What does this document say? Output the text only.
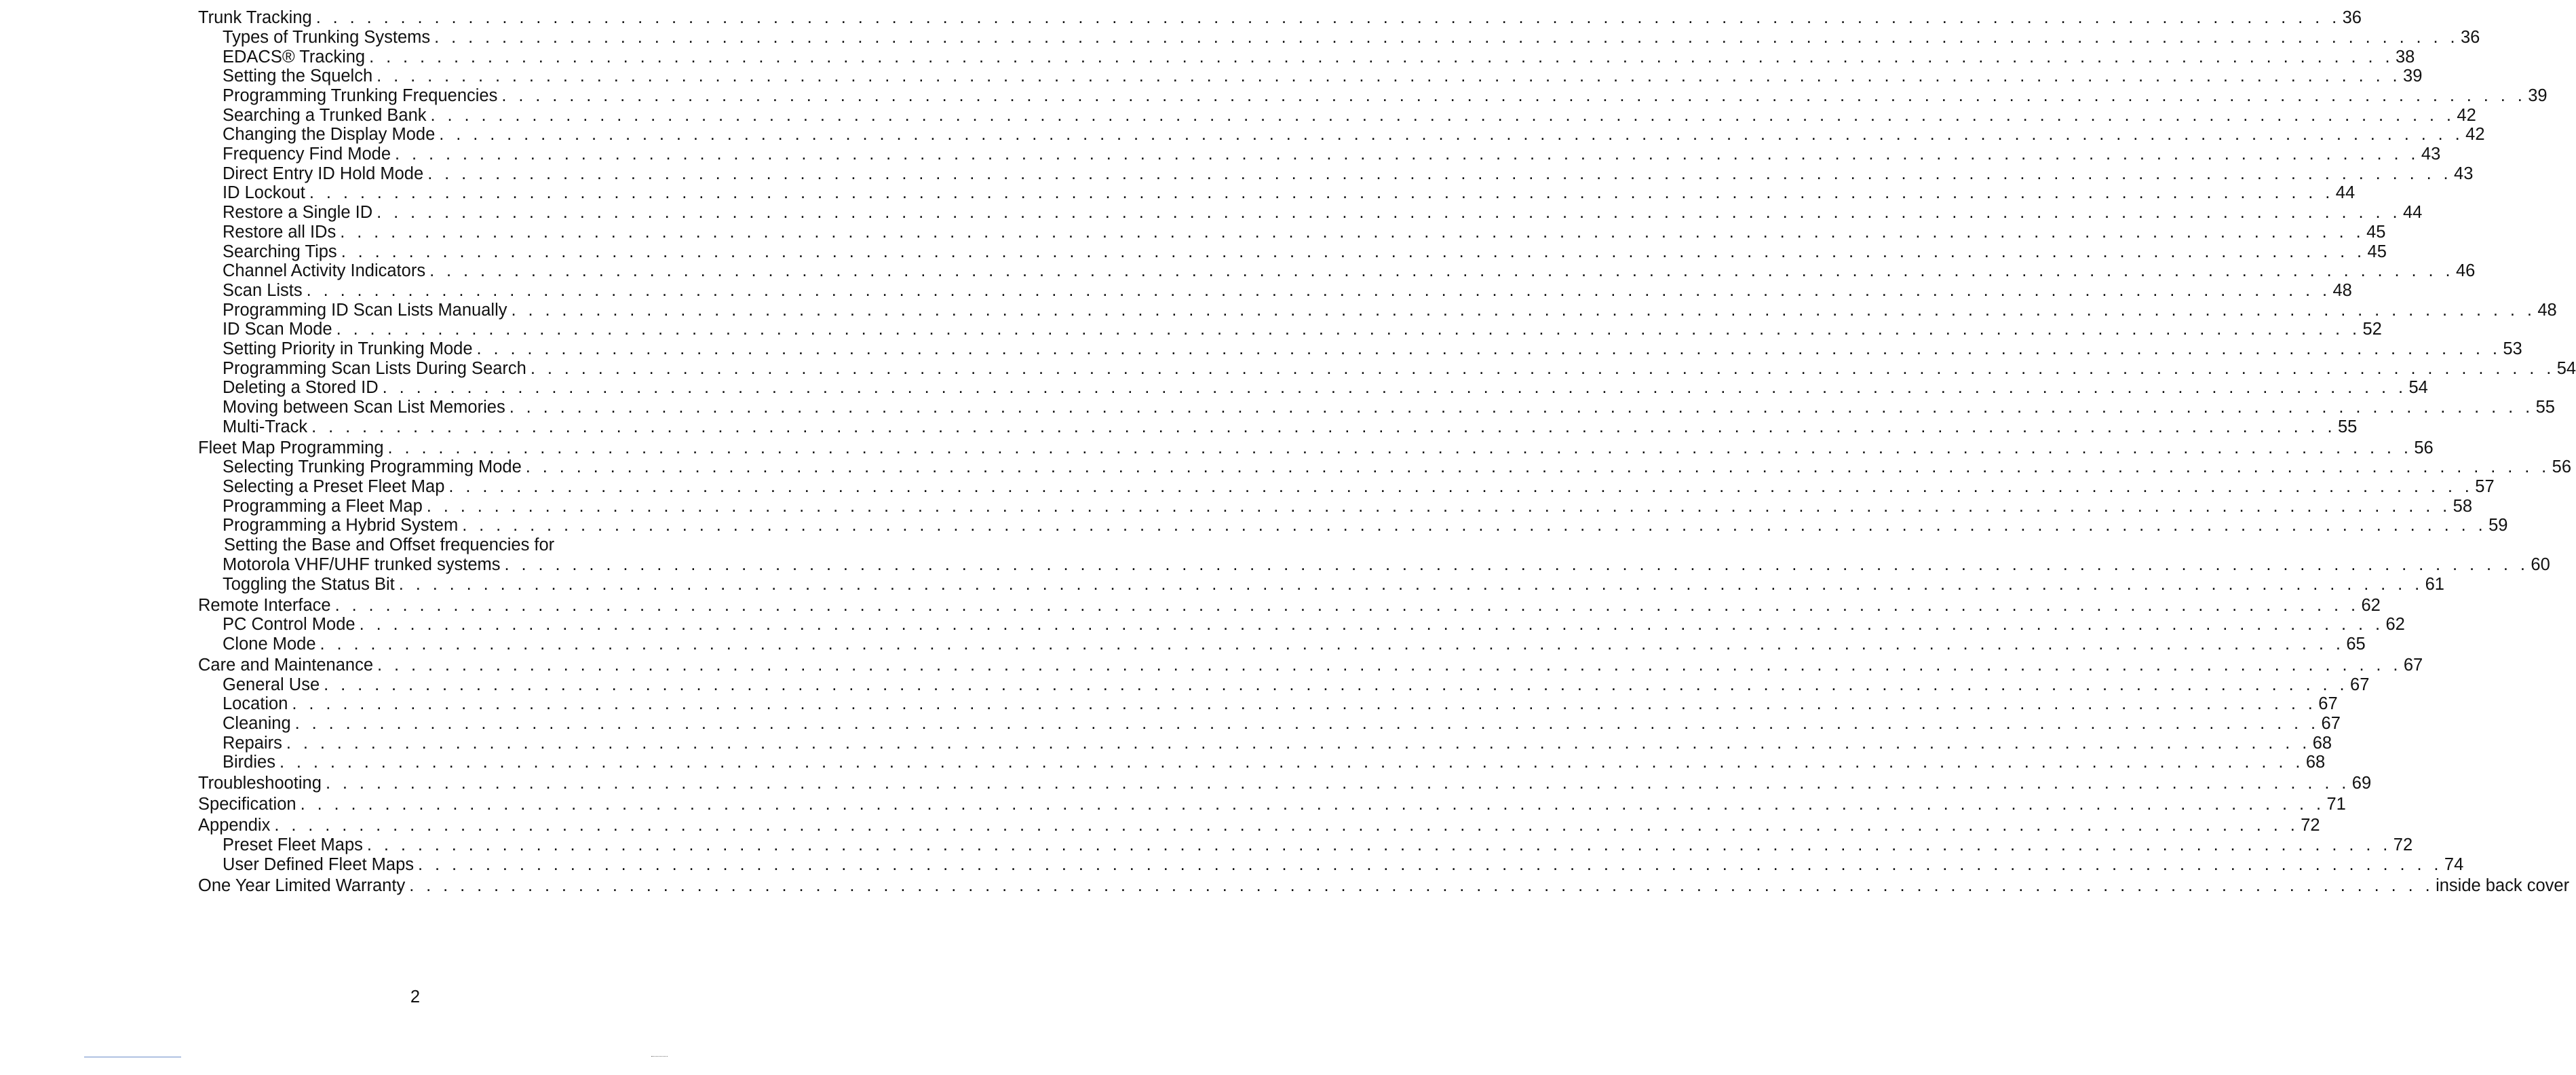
Trunk Tracking . . . . . . . . . . . . . . . . . . . . . . . . . . . . . . . . . . . . . . . . . . . . . . . . . . . . . . . . . . . . . . . . . . . . . . . . . . . . . . . . . . . . . . . . . . . . . . . . . . . . . . . . . . . . . . . . . . . . . . . . 36
Types of Trunking Systems . . . . . . . . . . . . . . . . . . . . . . . . . . . . . . . . . . . . . . . . . . . . . . . . . . . . . . . . . . . . . . . . . . . . . . . . . . . . . . . . . . . . . . . . . . . . . . . . . . . . . . . . . . . . . . . . . . . . . . . . 36
EDACS® Tracking . . . . . . . . . . . . . . . . . . . . . . . . . . . . . . . . . . . . . . . . . . . . . . . . . . . . . . . . . . . . . . . . . . . . . . . . . . . . . . . . . . . . . . . . . . . . . . . . . . . . . . . . . . . . . . . . . . . . . . . . 38
Setting the Squelch . . . . . . . . . . . . . . . . . . . . . . . . . . . . . . . . . . . . . . . . . . . . . . . . . . . . . . . . . . . . . . . . . . . . . . . . . . . . . . . . . . . . . . . . . . . . . . . . . . . . . . . . . . . . . . . . . . . . . . . . 39
Programming Trunking Frequencies . . . . . . . . . . . . . . . . . . . . . . . . . . . . . . . . . . . . . . . . . . . . . . . . . . . . . . . . . . . . . . . . . . . . . . . . . . . . . . . . . . . . . . . . . . . . . . . . . . . . . . . . . . . . . . . . . . . . . . . . 39
Searching a Trunked Bank . . . . . . . . . . . . . . . . . . . . . . . . . . . . . . . . . . . . . . . . . . . . . . . . . . . . . . . . . . . . . . . . . . . . . . . . . . . . . . . . . . . . . . . . . . . . . . . . . . . . . . . . . . . . . . . . . . . . . . . . 42
Changing the Display Mode . . . . . . . . . . . . . . . . . . . . . . . . . . . . . . . . . . . . . . . . . . . . . . . . . . . . . . . . . . . . . . . . . . . . . . . . . . . . . . . . . . . . . . . . . . . . . . . . . . . . . . . . . . . . . . . . . . . . . . . . 42
Frequency Find Mode . . . . . . . . . . . . . . . . . . . . . . . . . . . . . . . . . . . . . . . . . . . . . . . . . . . . . . . . . . . . . . . . . . . . . . . . . . . . . . . . . . . . . . . . . . . . . . . . . . . . . . . . . . . . . . . . . . . . . . . . 43
Direct Entry ID Hold Mode . . . . . . . . . . . . . . . . . . . . . . . . . . . . . . . . . . . . . . . . . . . . . . . . . . . . . . . . . . . . . . . . . . . . . . . . . . . . . . . . . . . . . . . . . . . . . . . . . . . . . . . . . . . . . . . . . . . . . . . . 43
ID Lockout . . . . . . . . . . . . . . . . . . . . . . . . . . . . . . . . . . . . . . . . . . . . . . . . . . . . . . . . . . . . . . . . . . . . . . . . . . . . . . . . . . . . . . . . . . . . . . . . . . . . . . . . . . . . . . . . . . . . . . . . 44
Restore a Single ID . . . . . . . . . . . . . . . . . . . . . . . . . . . . . . . . . . . . . . . . . . . . . . . . . . . . . . . . . . . . . . . . . . . . . . . . . . . . . . . . . . . . . . . . . . . . . . . . . . . . . . . . . . . . . . . . . . . . . . . . 44
Restore all IDs . . . . . . . . . . . . . . . . . . . . . . . . . . . . . . . . . . . . . . . . . . . . . . . . . . . . . . . . . . . . . . . . . . . . . . . . . . . . . . . . . . . . . . . . . . . . . . . . . . . . . . . . . . . . . . . . . . . . . . . . 45
Searching Tips . . . . . . . . . . . . . . . . . . . . . . . . . . . . . . . . . . . . . . . . . . . . . . . . . . . . . . . . . . . . . . . . . . . . . . . . . . . . . . . . . . . . . . . . . . . . . . . . . . . . . . . . . . . . . . . . . . . . . . . . 45
Channel Activity Indicators . . . . . . . . . . . . . . . . . . . . . . . . . . . . . . . . . . . . . . . . . . . . . . . . . . . . . . . . . . . . . . . . . . . . . . . . . . . . . . . . . . . . . . . . . . . . . . . . . . . . . . . . . . . . . . . . . . . . . . . . 46
Scan Lists . . . . . . . . . . . . . . . . . . . . . . . . . . . . . . . . . . . . . . . . . . . . . . . . . . . . . . . . . . . . . . . . . . . . . . . . . . . . . . . . . . . . . . . . . . . . . . . . . . . . . . . . . . . . . . . . . . . . . . . . 48
Programming ID Scan Lists Manually . . . . . . . . . . . . . . . . . . . . . . . . . . . . . . . . . . . . . . . . . . . . . . . . . . . . . . . . . . . . . . . . . . . . . . . . . . . . . . . . . . . . . . . . . . . . . . . . . . . . . . . . . . . . . . . . . . . . . . . . 48
ID Scan Mode . . . . . . . . . . . . . . . . . . . . . . . . . . . . . . . . . . . . . . . . . . . . . . . . . . . . . . . . . . . . . . . . . . . . . . . . . . . . . . . . . . . . . . . . . . . . . . . . . . . . . . . . . . . . . . . . . . . . . . . . 52
Setting Priority in Trunking Mode . . . . . . . . . . . . . . . . . . . . . . . . . . . . . . . . . . . . . . . . . . . . . . . . . . . . . . . . . . . . . . . . . . . . . . . . . . . . . . . . . . . . . . . . . . . . . . . . . . . . . . . . . . . . . . . . . . . . . . . . 53
Programming Scan Lists During Search . . . . . . . . . . . . . . . . . . . . . . . . . . . . . . . . . . . . . . . . . . . . . . . . . . . . . . . . . . . . . . . . . . . . . . . . . . . . . . . . . . . . . . . . . . . . . . . . . . . . . . . . . . . . . . . . . . . . . . . . 54
Deleting a Stored ID . . . . . . . . . . . . . . . . . . . . . . . . . . . . . . . . . . . . . . . . . . . . . . . . . . . . . . . . . . . . . . . . . . . . . . . . . . . . . . . . . . . . . . . . . . . . . . . . . . . . . . . . . . . . . . . . . . . . . . . . 54
Moving between Scan List Memories . . . . . . . . . . . . . . . . . . . . . . . . . . . . . . . . . . . . . . . . . . . . . . . . . . . . . . . . . . . . . . . . . . . . . . . . . . . . . . . . . . . . . . . . . . . . . . . . . . . . . . . . . . . . . . . . . . . . . . . . 55
Multi-Track . . . . . . . . . . . . . . . . . . . . . . . . . . . . . . . . . . . . . . . . . . . . . . . . . . . . . . . . . . . . . . . . . . . . . . . . . . . . . . . . . . . . . . . . . . . . . . . . . . . . . . . . . . . . . . . . . . . . . . . . 55
Fleet Map Programming . . . . . . . . . . . . . . . . . . . . . . . . . . . . . . . . . . . . . . . . . . . . . . . . . . . . . . . . . . . . . . . . . . . . . . . . . . . . . . . . . . . . . . . . . . . . . . . . . . . . . . . . . . . . . . . . . . . . . . . . 56
Selecting Trunking Programming Mode . . . . . . . . . . . . . . . . . . . . . . . . . . . . . . . . . . . . . . . . . . . . . . . . . . . . . . . . . . . . . . . . . . . . . . . . . . . . . . . . . . . . . . . . . . . . . . . . . . . . . . . . . . . . . . . . . . . . . . . . 56
Selecting a Preset Fleet Map . . . . . . . . . . . . . . . . . . . . . . . . . . . . . . . . . . . . . . . . . . . . . . . . . . . . . . . . . . . . . . . . . . . . . . . . . . . . . . . . . . . . . . . . . . . . . . . . . . . . . . . . . . . . . . . . . . . . . . . . 57
Programming a Fleet Map . . . . . . . . . . . . . . . . . . . . . . . . . . . . . . . . . . . . . . . . . . . . . . . . . . . . . . . . . . . . . . . . . . . . . . . . . . . . . . . . . . . . . . . . . . . . . . . . . . . . . . . . . . . . . . . . . . . . . . . . 58
Programming a Hybrid System . . . . . . . . . . . . . . . . . . . . . . . . . . . . . . . . . . . . . . . . . . . . . . . . . . . . . . . . . . . . . . . . . . . . . . . . . . . . . . . . . . . . . . . . . . . . . . . . . . . . . . . . . . . . . . . . . . . . . . . . 59
Setting the Base and Offset frequencies for
Motorola VHF/UHF trunked systems . . . . . . . . . . . . . . . . . . . . . . . . . . . . . . . . . . . . . . . . . . . . . . . . . . . . . . . . . . . . . . . . . . . . . . . . . . . . . . . . . . . . . . . . . . . . . . . . . . . . . . . . . . . . . . . . . . . . . . . . 60
Toggling the Status Bit . . . . . . . . . . . . . . . . . . . . . . . . . . . . . . . . . . . . . . . . . . . . . . . . . . . . . . . . . . . . . . . . . . . . . . . . . . . . . . . . . . . . . . . . . . . . . . . . . . . . . . . . . . . . . . . . . . . . . . . . 61
Remote Interface . . . . . . . . . . . . . . . . . . . . . . . . . . . . . . . . . . . . . . . . . . . . . . . . . . . . . . . . . . . . . . . . . . . . . . . . . . . . . . . . . . . . . . . . . . . . . . . . . . . . . . . . . . . . . . . . . . . . . . . . 62
PC Control Mode . . . . . . . . . . . . . . . . . . . . . . . . . . . . . . . . . . . . . . . . . . . . . . . . . . . . . . . . . . . . . . . . . . . . . . . . . . . . . . . . . . . . . . . . . . . . . . . . . . . . . . . . . . . . . . . . . . . . . . . . 62
Clone Mode . . . . . . . . . . . . . . . . . . . . . . . . . . . . . . . . . . . . . . . . . . . . . . . . . . . . . . . . . . . . . . . . . . . . . . . . . . . . . . . . . . . . . . . . . . . . . . . . . . . . . . . . . . . . . . . . . . . . . . . . 65
Care and Maintenance . . . . . . . . . . . . . . . . . . . . . . . . . . . . . . . . . . . . . . . . . . . . . . . . . . . . . . . . . . . . . . . . . . . . . . . . . . . . . . . . . . . . . . . . . . . . . . . . . . . . . . . . . . . . . . . . . . . . . . . . 67
General Use . . . . . . . . . . . . . . . . . . . . . . . . . . . . . . . . . . . . . . . . . . . . . . . . . . . . . . . . . . . . . . . . . . . . . . . . . . . . . . . . . . . . . . . . . . . . . . . . . . . . . . . . . . . . . . . . . . . . . . . . 67
Location . . . . . . . . . . . . . . . . . . . . . . . . . . . . . . . . . . . . . . . . . . . . . . . . . . . . . . . . . . . . . . . . . . . . . . . . . . . . . . . . . . . . . . . . . . . . . . . . . . . . . . . . . . . . . . . . . . . . . . . . 67
Cleaning . . . . . . . . . . . . . . . . . . . . . . . . . . . . . . . . . . . . . . . . . . . . . . . . . . . . . . . . . . . . . . . . . . . . . . . . . . . . . . . . . . . . . . . . . . . . . . . . . . . . . . . . . . . . . . . . . . . . . . . . 67
Repairs . . . . . . . . . . . . . . . . . . . . . . . . . . . . . . . . . . . . . . . . . . . . . . . . . . . . . . . . . . . . . . . . . . . . . . . . . . . . . . . . . . . . . . . . . . . . . . . . . . . . . . . . . . . . . . . . . . . . . . . . 68
Birdies . . . . . . . . . . . . . . . . . . . . . . . . . . . . . . . . . . . . . . . . . . . . . . . . . . . . . . . . . . . . . . . . . . . . . . . . . . . . . . . . . . . . . . . . . . . . . . . . . . . . . . . . . . . . . . . . . . . . . . . . 68
Troubleshooting . . . . . . . . . . . . . . . . . . . . . . . . . . . . . . . . . . . . . . . . . . . . . . . . . . . . . . . . . . . . . . . . . . . . . . . . . . . . . . . . . . . . . . . . . . . . . . . . . . . . . . . . . . . . . . . . . . . . . . . . 69
Specification . . . . . . . . . . . . . . . . . . . . . . . . . . . . . . . . . . . . . . . . . . . . . . . . . . . . . . . . . . . . . . . . . . . . . . . . . . . . . . . . . . . . . . . . . . . . . . . . . . . . . . . . . . . . . . . . . . . . . . . . 71
Appendix . . . . . . . . . . . . . . . . . . . . . . . . . . . . . . . . . . . . . . . . . . . . . . . . . . . . . . . . . . . . . . . . . . . . . . . . . . . . . . . . . . . . . . . . . . . . . . . . . . . . . . . . . . . . . . . . . . . . . . . . 72
Preset Fleet Maps . . . . . . . . . . . . . . . . . . . . . . . . . . . . . . . . . . . . . . . . . . . . . . . . . . . . . . . . . . . . . . . . . . . . . . . . . . . . . . . . . . . . . . . . . . . . . . . . . . . . . . . . . . . . . . . . . . . . . . . . 72
User Defined Fleet Maps . . . . . . . . . . . . . . . . . . . . . . . . . . . . . . . . . . . . . . . . . . . . . . . . . . . . . . . . . . . . . . . . . . . . . . . . . . . . . . . . . . . . . . . . . . . . . . . . . . . . . . . . . . . . . . . . . . . . . . . . 74
One Year Limited Warranty . . . . . . . . . . . . . . . . . . . . . . . . . . . . . . . . . . . . . . . . . . . . . . . . . . . . . . . . . . . . . . . . . . . . . . . . . . . . . . . . . . . . . . . . . . . . . . . . . . . . . . . . . . . . . . . . . . . . . . . . inside back cover
2
